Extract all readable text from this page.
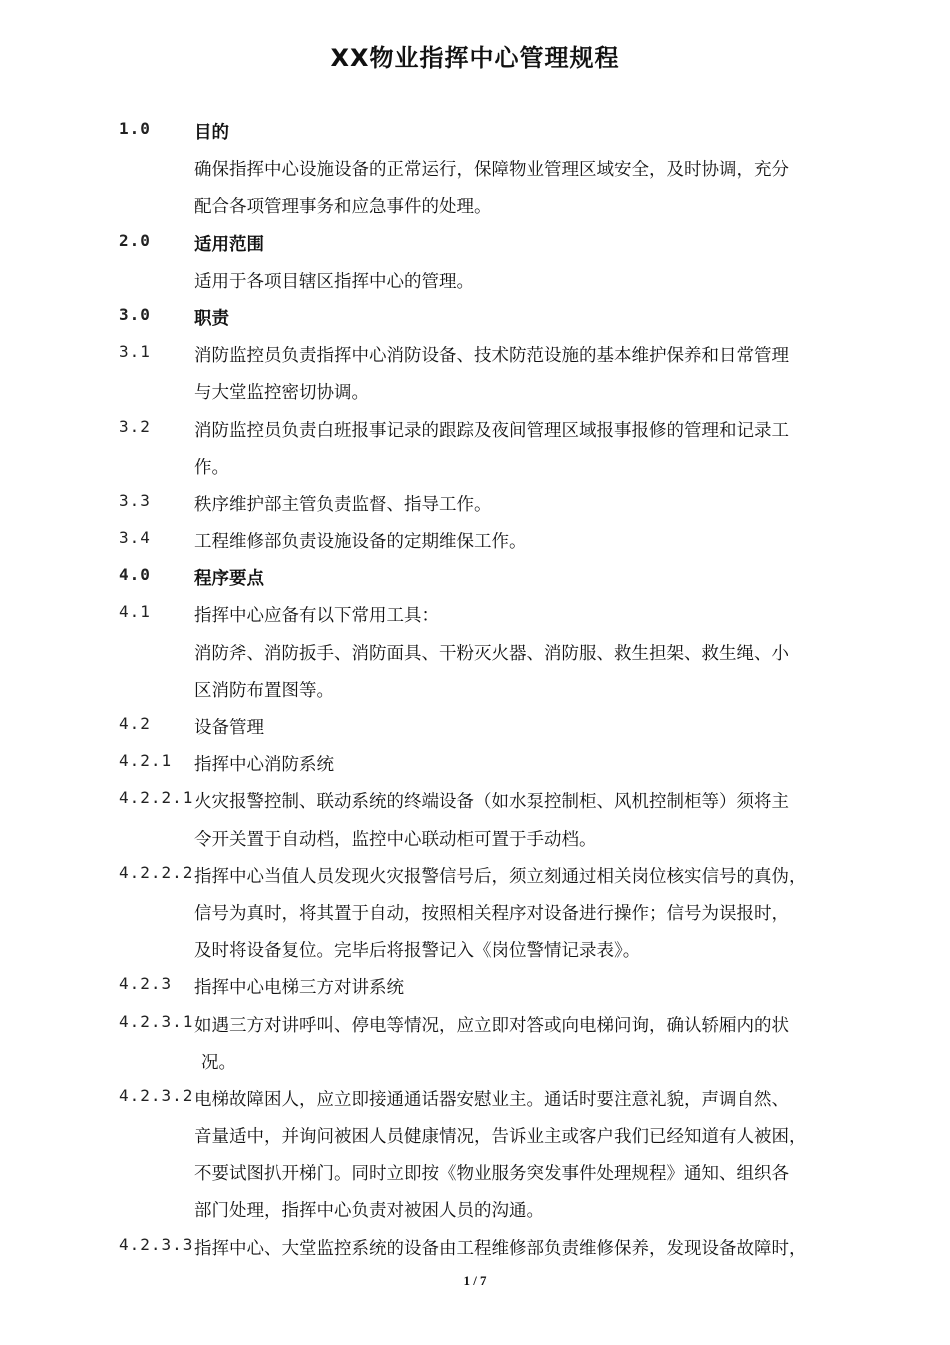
XX物业指挥中心管理规程
1.0 目的
确保指挥中心设施设备的正常运行，保障物业管理区域安全，及时协调，充分
配合各项管理事务和应急事件的处理。
2.0 适用范围
适用于各项目辖区指挥中心的管理。
3.0 职责
3.1 消防监控员负责指挥中心消防设备、技术防范设施的基本维护保养和日常管理
与大堂监控密切协调。
3.2 消防监控员负责白班报事记录的跟踪及夜间管理区域报事报修的管理和记录工
作。
3.3 秩序维护部主管负责监督、指导工作。
3.4 工程维修部负责设施设备的定期维保工作。
4.0 程序要点
4.1 指挥中心应备有以下常用工具：
消防斧、消防扳手、消防面具、干粉灭火器、消防服、救生担架、救生绳、小
区消防布置图等。
4.2 设备管理
4.2.1 指挥中心消防系统
4.2.2.1 火灾报警控制、联动系统的终端设备（如水泵控制柜、风机控制柜等）须将主
令开关置于自动档，监控中心联动柜可置于手动档。
4.2.2.2 指挥中心当值人员发现火灾报警信号后，须立刻通过相关岗位核实信号的真伪，
信号为真时，将其置于自动，按照相关程序对设备进行操作；信号为误报时，
及时将设备复位。完毕后将报警记入《岗位警情记录表》。
4.2.3 指挥中心电梯三方对讲系统
4.2.3.1 如遇三方对讲呼叫、停电等情况，应立即对答或向电梯问询，确认轿厢内的状
况。
4.2.3.2 电梯故障困人，应立即接通通话器安慰业主。通话时要注意礼貌，声调自然、
音量适中，并询问被困人员健康情况，告诉业主或客户我们已经知道有人被困，
不要试图扒开梯门。同时立即按《物业服务突发事件处理规程》通知、组织各
部门处理，指挥中心负责对被困人员的沟通。
4.2.3.3 指挥中心、大堂监控系统的设备由工程维修部负责维修保养，发现设备故障时，
1 / 7
